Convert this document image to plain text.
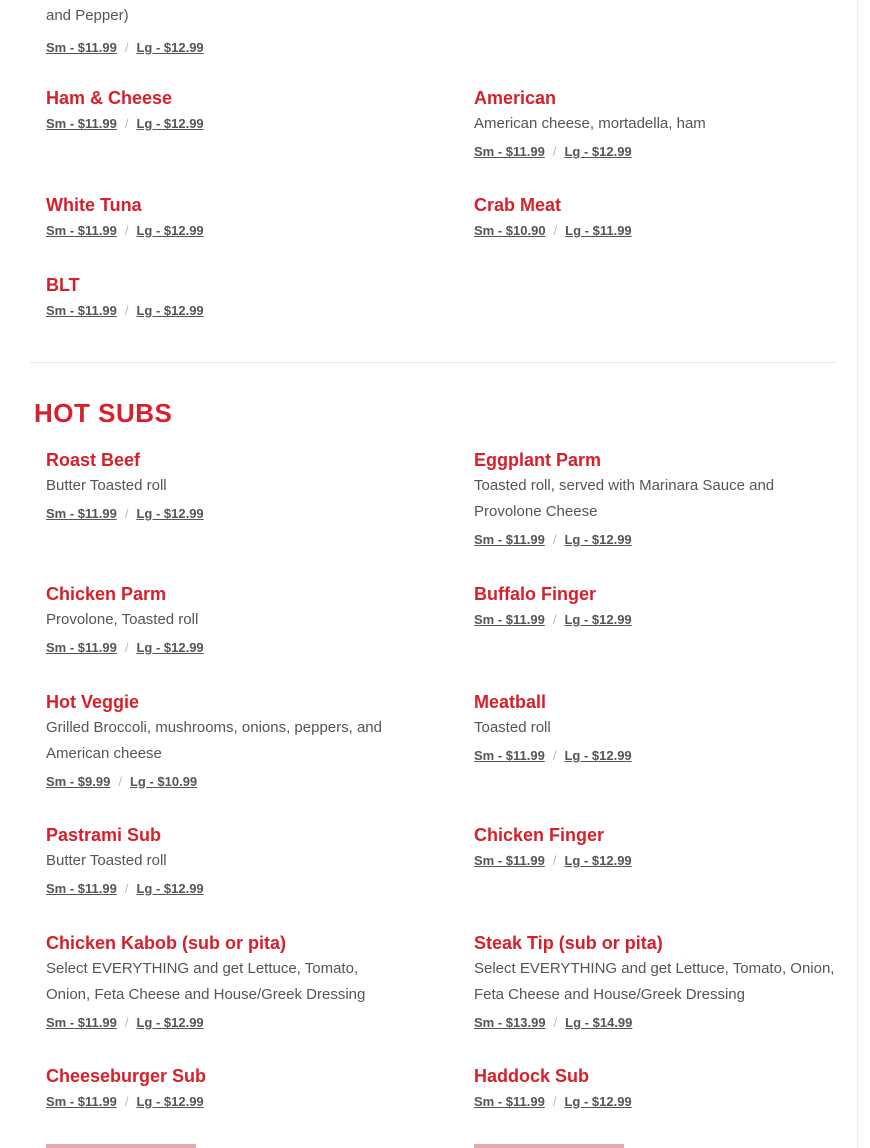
and Pepper)
Sm - $11.99 / Lg - $12.99
Ham & Cheese
Sm - $11.99 / Lg - $12.99
American
American cheese, mortadella, ham
Sm - $11.99 / Lg - $12.99
White Tuna
Sm - $11.99 / Lg - $12.99
Crab Meat
Sm - $10.90 / Lg - $11.99
BLT
Sm - $11.99 / Lg - $12.99
HOT SUBS
Roast Beef
Butter Toasted roll
Sm - $11.99 / Lg - $12.99
Eggplant Parm
Toasted roll, served with Marinara Sauce and Provolone Cheese
Sm - $11.99 / Lg - $12.99
Chicken Parm
Provolone, Toasted roll
Sm - $11.99 / Lg - $12.99
Buffalo Finger
Sm - $11.99 / Lg - $12.99
Hot Veggie
Grilled Broccoli, mushrooms, onions, peppers, and American cheese
Sm - $9.99 / Lg - $10.99
Meatball
Toasted roll
Sm - $11.99 / Lg - $12.99
Pastrami Sub
Butter Toasted roll
Sm - $11.99 / Lg - $12.99
Chicken Finger
Sm - $11.99 / Lg - $12.99
Chicken Kabob (sub or pita)
Select EVERYTHING and get Lettuce, Tomato, Onion, Feta Cheese and House/Greek Dressing
Sm - $11.99 / Lg - $12.99
Steak Tip (sub or pita)
Select EVERYTHING and get Lettuce, Tomato, Onion, Feta Cheese and House/Greek Dressing
Sm - $13.99 / Lg - $14.99
Cheeseburger Sub
Sm - $11.99 / Lg - $12.99
Haddock Sub
Sm - $11.99 / Lg - $12.99
